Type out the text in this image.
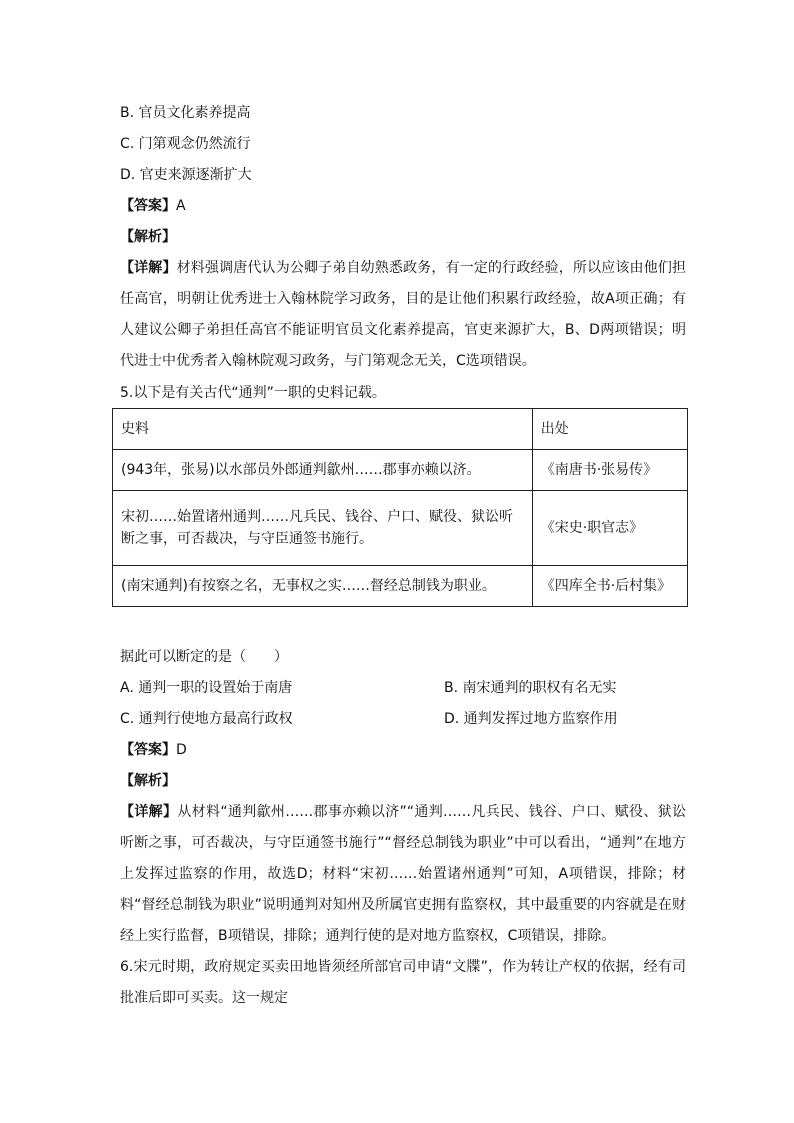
B. 官员文化素养提高
C. 门第观念仍然流行
D. 官吏来源逐渐扩大
【答案】A
【解析】
【详解】材料强调唐代认为公卿子弟自幼熟悉政务，有一定的行政经验，所以应该由他们担任高官，明朝让优秀进士入翰林院学习政务，目的是让他们积累行政经验，故A项正确；有人建议公卿子弟担任高官不能证明官员文化素养提高，官吏来源扩大，B、D两项错误；明代进士中优秀者入翰林院观习政务，与门第观念无关，C选项错误。
5.以下是有关古代“通判”一职的史料记载。
史料	出处
(943年，张易)以水部员外郎通判歙州……郡事亦赖以济。	《南唐书·张易传》
宋初……始置诸州通判……凡兵民、钱谷、户口、赋役、狱讼听断之事，可否裁决，与守臣通签书施行。	《宋史·职官志》
(南宋通判)有按察之名，无事权之实……督经总制钱为职业。	《四库全书·后村集》
据此可以断定的是（　　）
A. 通判一职的设置始于南唐	B. 南宋通判的职权有名无实
C. 通判行使地方最高行政权	D. 通判发挥过地方监察作用
【答案】D
【解析】
【详解】从材料“通判歙州……郡事亦赖以济”“通判……凡兵民、钱谷、户口、赋役、狱讼听断之事，可否裁决，与守臣通签书施行”“督经总制钱为职业”中可以看出，“通判”在地方上发挥过监察的作用，故选D；材料“宋初……始置诸州通判”可知，A项错误，排除；材料“督经总制钱为职业”说明通判对知州及所属官吏拥有监察权，其中最重要的内容就是在财经上实行监督，B项错误，排除；通判行使的是对地方监察权，C项错误，排除。
6.宋元时期，政府规定买卖田地皆须经所部官司申请“文牒”，作为转让产权的依据，经有司批准后即可买卖。这一规定
